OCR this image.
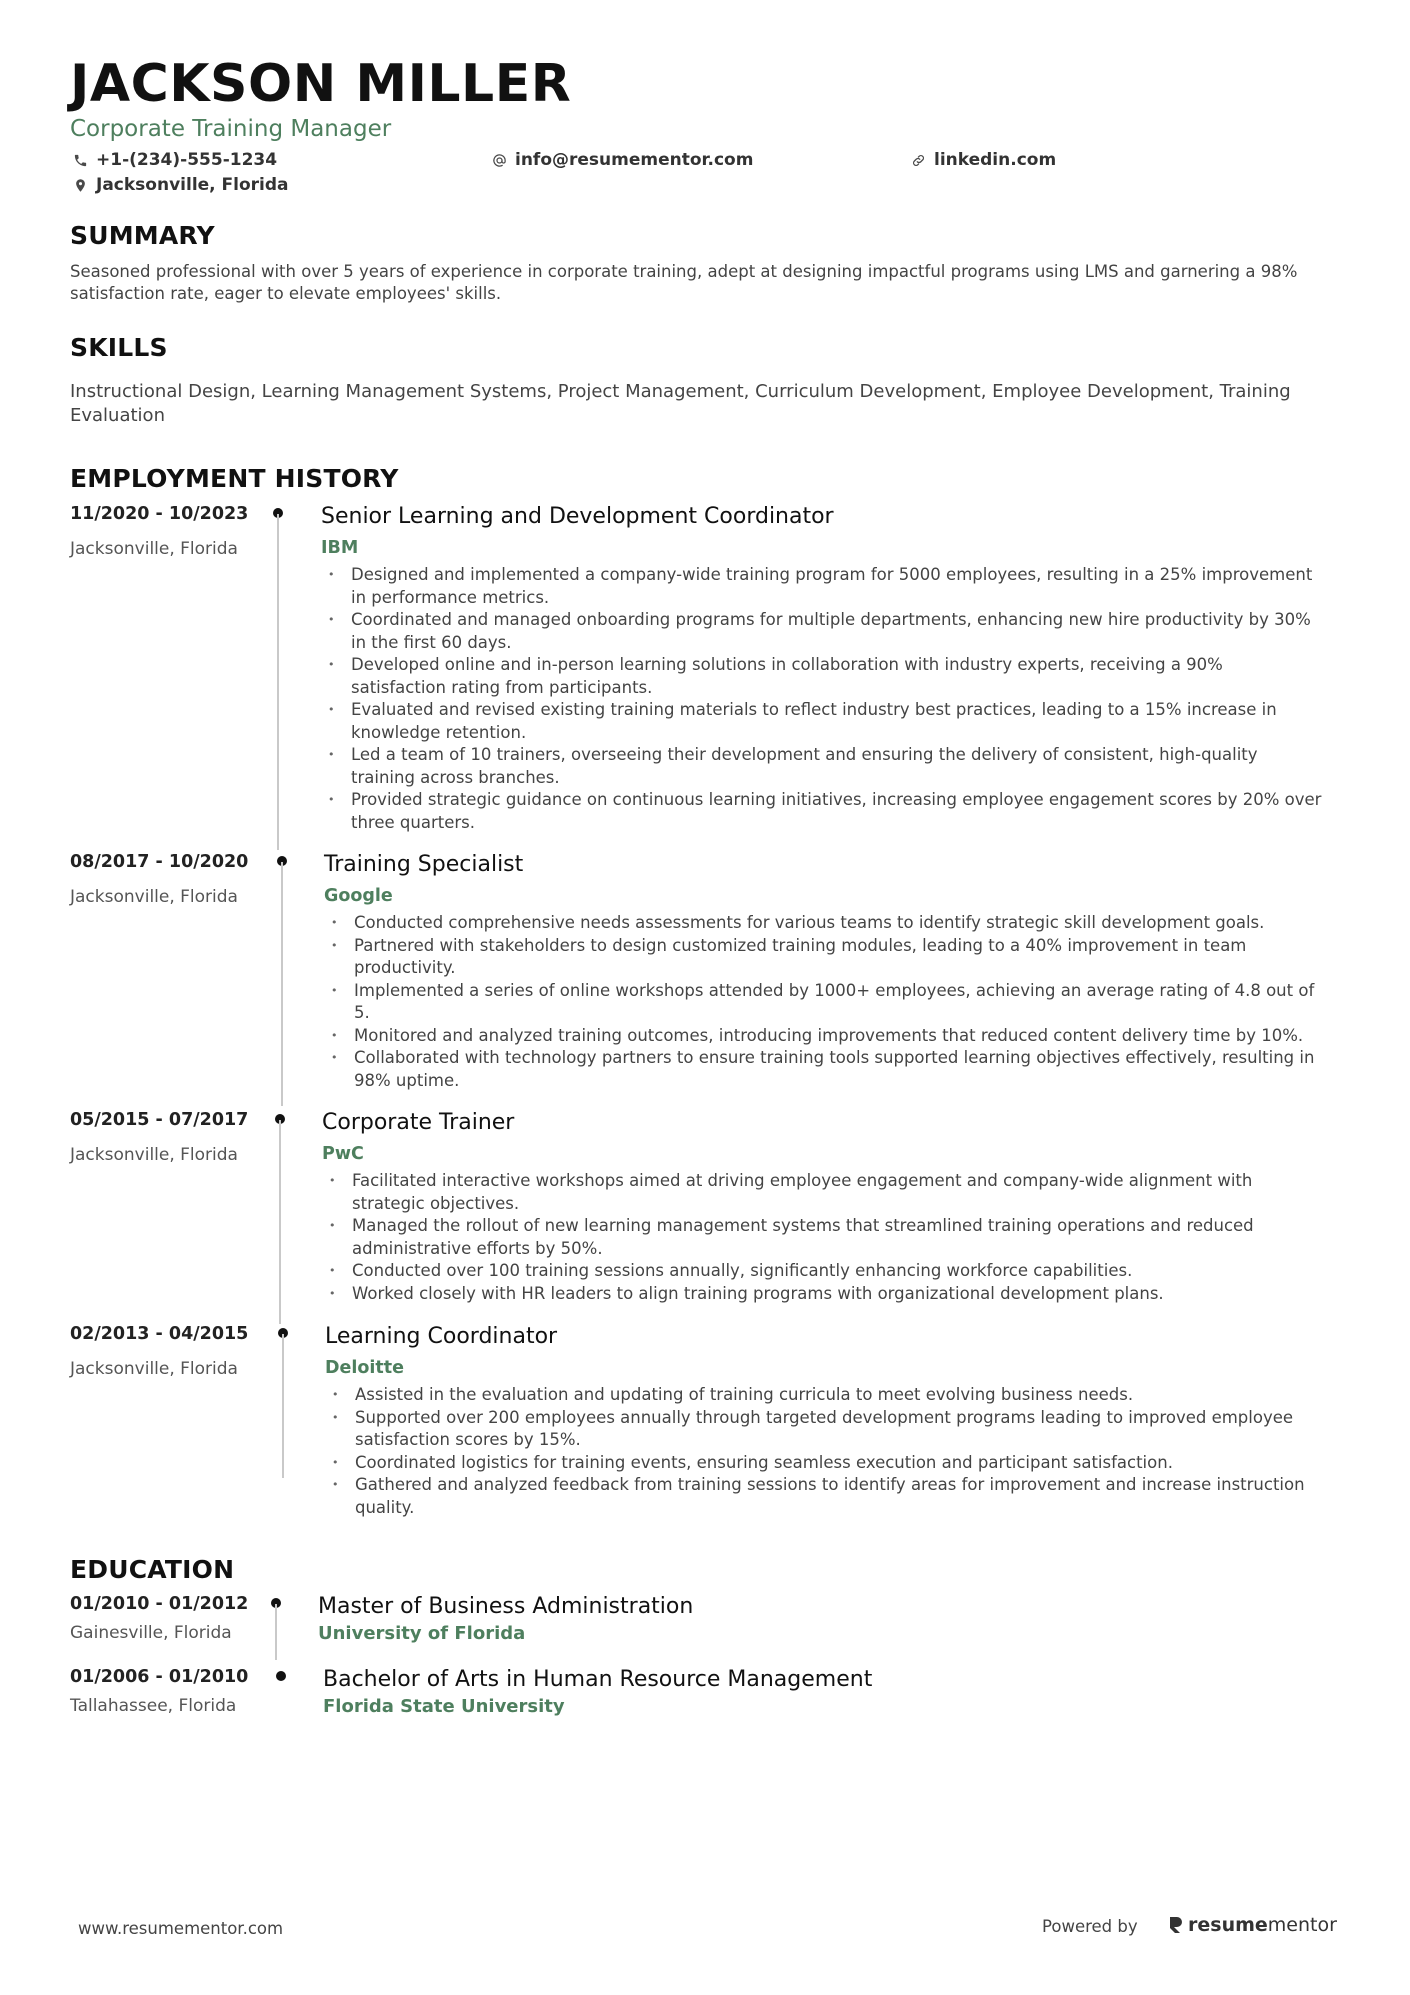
JACKSON MILLER
Corporate Training Manager
+1-(234)-555-1234	info@resumementor.com	linkedin.com
Jacksonville, Florida
SUMMARY
Seasoned professional with over 5 years of experience in corporate training, adept at designing impactful programs using LMS and garnering a 98% satisfaction rate, eager to elevate employees' skills.
SKILLS
Instructional Design, Learning Management Systems, Project Management, Curriculum Development, Employee Development, Training Evaluation
EMPLOYMENT HISTORY
11/2020 - 10/2023
Jacksonville, Florida
Senior Learning and Development Coordinator
IBM
• Designed and implemented a company-wide training program for 5000 employees, resulting in a 25% improvement in performance metrics.
• Coordinated and managed onboarding programs for multiple departments, enhancing new hire productivity by 30% in the first 60 days.
• Developed online and in-person learning solutions in collaboration with industry experts, receiving a 90% satisfaction rating from participants.
• Evaluated and revised existing training materials to reflect industry best practices, leading to a 15% increase in knowledge retention.
• Led a team of 10 trainers, overseeing their development and ensuring the delivery of consistent, high-quality training across branches.
• Provided strategic guidance on continuous learning initiatives, increasing employee engagement scores by 20% over three quarters.
08/2017 - 10/2020
Jacksonville, Florida
Training Specialist
Google
• Conducted comprehensive needs assessments for various teams to identify strategic skill development goals.
• Partnered with stakeholders to design customized training modules, leading to a 40% improvement in team productivity.
• Implemented a series of online workshops attended by 1000+ employees, achieving an average rating of 4.8 out of 5.
• Monitored and analyzed training outcomes, introducing improvements that reduced content delivery time by 10%.
• Collaborated with technology partners to ensure training tools supported learning objectives effectively, resulting in 98% uptime.
05/2015 - 07/2017
Jacksonville, Florida
Corporate Trainer
PwC
• Facilitated interactive workshops aimed at driving employee engagement and company-wide alignment with strategic objectives.
• Managed the rollout of new learning management systems that streamlined training operations and reduced administrative efforts by 50%.
• Conducted over 100 training sessions annually, significantly enhancing workforce capabilities.
• Worked closely with HR leaders to align training programs with organizational development plans.
02/2013 - 04/2015
Jacksonville, Florida
Learning Coordinator
Deloitte
• Assisted in the evaluation and updating of training curricula to meet evolving business needs.
• Supported over 200 employees annually through targeted development programs leading to improved employee satisfaction scores by 15%.
• Coordinated logistics for training events, ensuring seamless execution and participant satisfaction.
• Gathered and analyzed feedback from training sessions to identify areas for improvement and increase instruction quality.
EDUCATION
01/2010 - 01/2012
Gainesville, Florida
Master of Business Administration
University of Florida
01/2006 - 01/2010
Tallahassee, Florida
Bachelor of Arts in Human Resource Management
Florida State University
www.resumementor.com	Powered by	resume mentor
